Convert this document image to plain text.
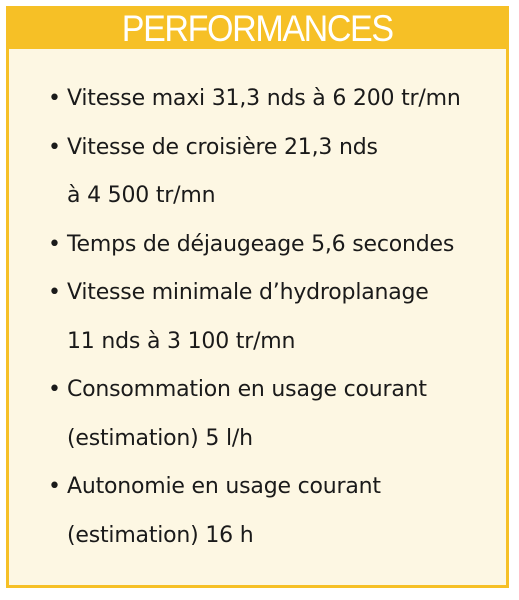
PERFORMANCES
• Vitesse maxi 31,3 nds à 6 200 tr/mn
• Vitesse de croisière 21,3 nds
à 4 500 tr/mn
• Temps de déjaugeage 5,6 secondes
• Vitesse minimale d’hydroplanage
11 nds à 3 100 tr/mn
• Consommation en usage courant
(estimation) 5 l/h
• Autonomie en usage courant
(estimation) 16 h
